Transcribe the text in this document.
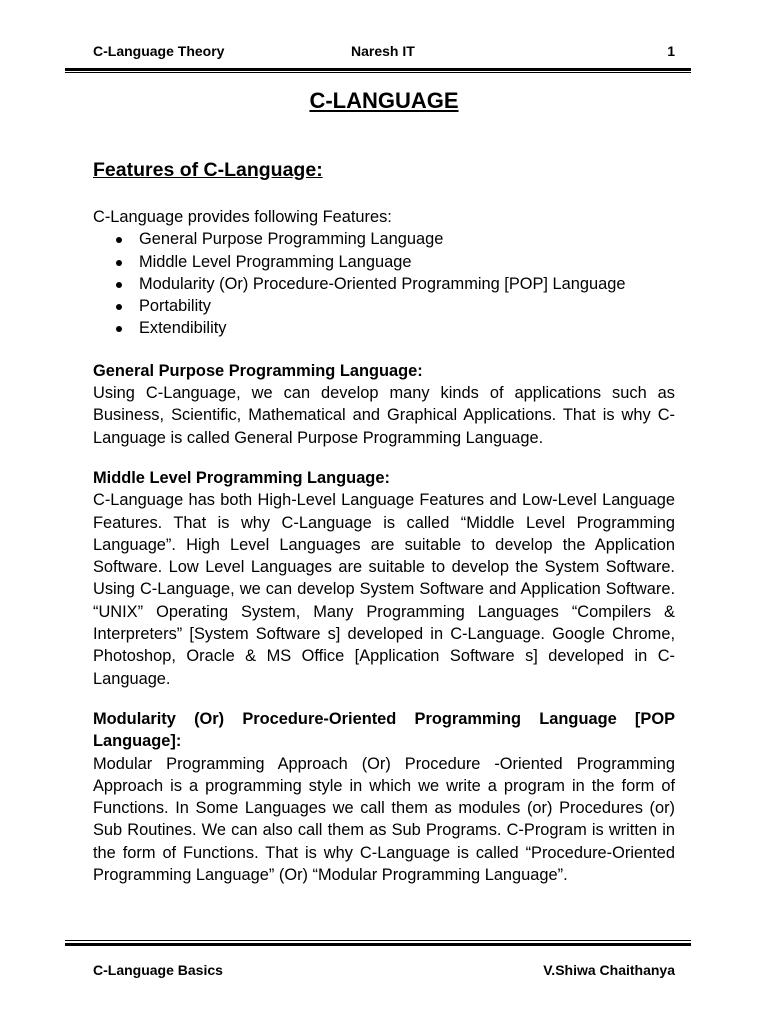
C-Language Theory	Naresh IT	1
C-LANGUAGE
Features of C-Language:

C-Language provides following Features:

General Purpose Programming Language
Middle Level Programming Language
Modularity (Or) Procedure-Oriented Programming [POP] Language
Portability
Extendibility

General Purpose Programming Language:

Using C-Language, we can develop many kinds of applications such as Business, Scientific, Mathematical and Graphical Applications. That is why C-Language is called General Purpose Programming Language.

Middle Level Programming Language:

C-Language has both High-Level Language Features and Low-Level Language Features. That is why C-Language is called “Middle Level Programming Language”. High Level Languages are suitable to develop the Application Software. Low Level Languages are suitable to develop the System Software. Using C-Language, we can develop System Software and Application Software. “UNIX” Operating System, Many Programming Languages “Compilers & Interpreters” [System Software s] developed in C-Language. Google Chrome, Photoshop, Oracle & MS Office [Application Software s] developed in C-Language.

Modularity (Or) Procedure-Oriented Programming Language [POP Language]:

Modular Programming Approach (Or) Procedure -Oriented Programming Approach is a programming style in which we write a program in the form of Functions. In Some Languages we call them as modules (or) Procedures (or) Sub Routines. We can also call them as Sub Programs. C-Program is written in the form of Functions. That is why C-Language is called “Procedure-Oriented Programming Language” (Or) “Modular Programming Language”.

C-Language Basics	V.Shiwa Chaithanya
